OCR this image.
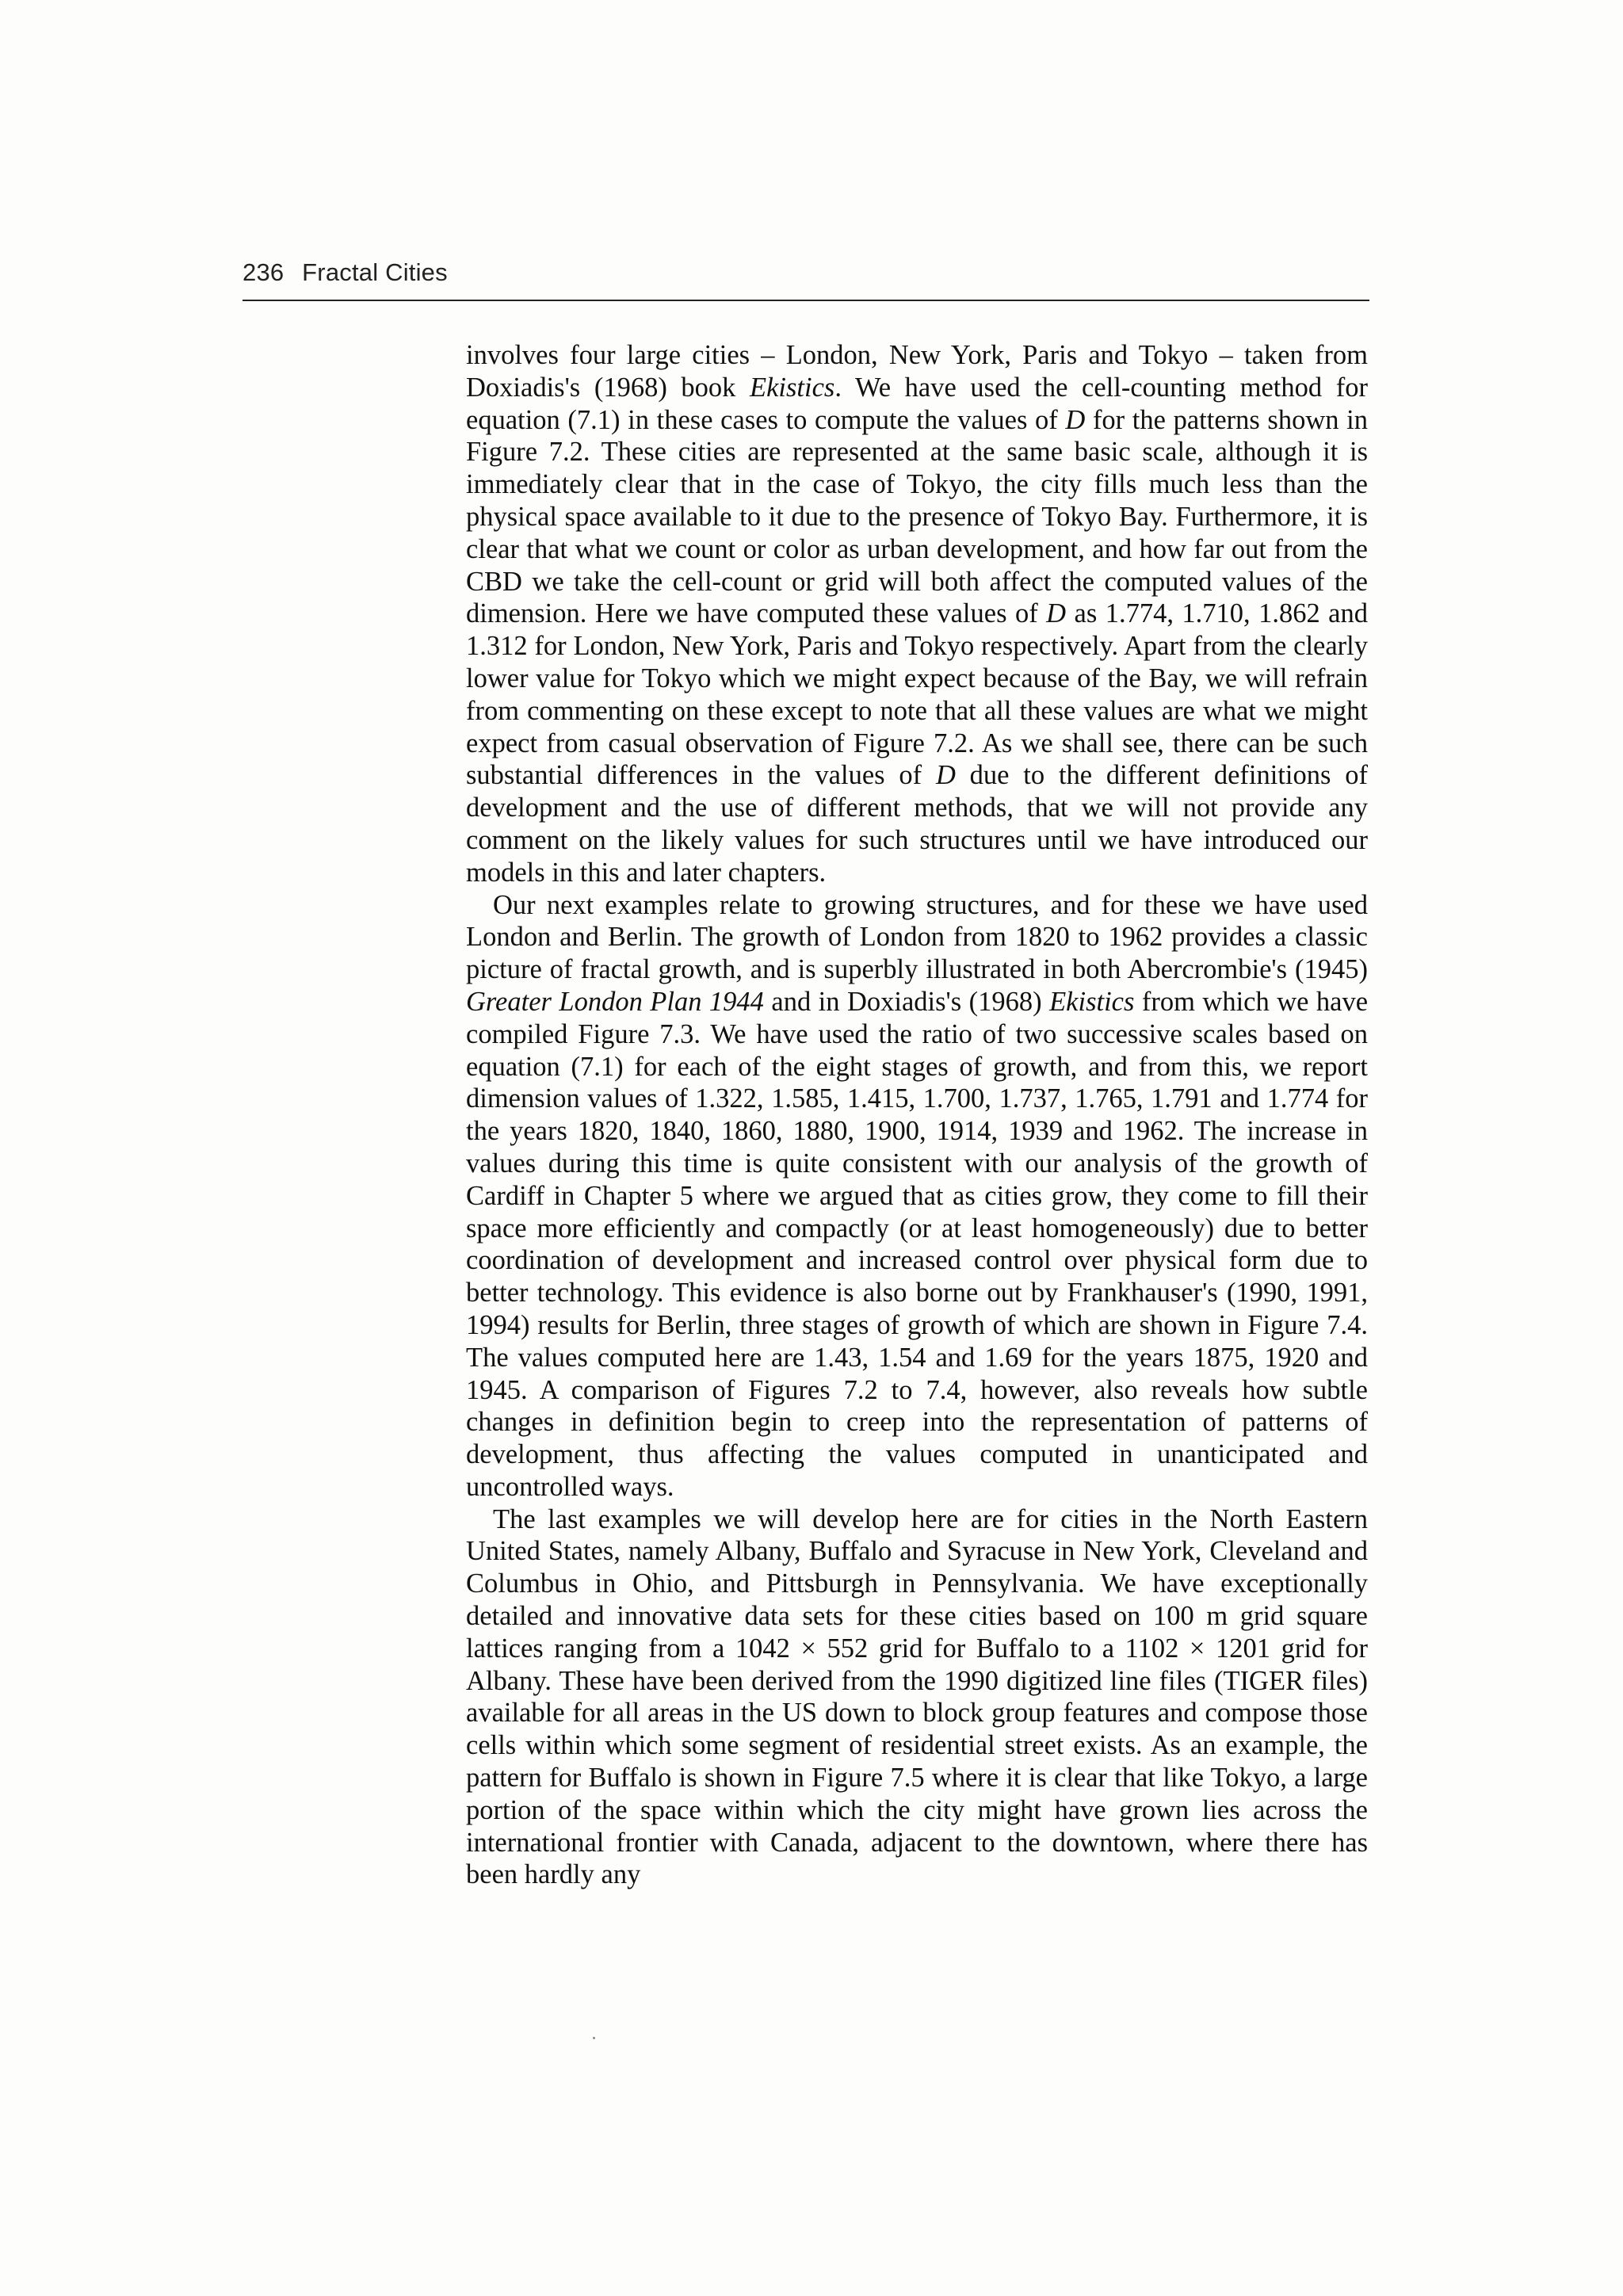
236 Fractal Cities

involves four large cities – London, New York, Paris and Tokyo – taken from Doxiadis's (1968) book Ekistics. We have used the cell-counting method for equation (7.1) in these cases to compute the values of D for the patterns shown in Figure 7.2. These cities are represented at the same basic scale, although it is immediately clear that in the case of Tokyo, the city fills much less than the physical space available to it due to the presence of Tokyo Bay. Furthermore, it is clear that what we count or color as urban development, and how far out from the CBD we take the cell-count or grid will both affect the computed values of the dimension. Here we have computed these values of D as 1.774, 1.710, 1.862 and 1.312 for London, New York, Paris and Tokyo respectively. Apart from the clearly lower value for Tokyo which we might expect because of the Bay, we will refrain from commenting on these except to note that all these values are what we might expect from casual observation of Figure 7.2. As we shall see, there can be such substantial differences in the values of D due to the different definitions of development and the use of different methods, that we will not provide any comment on the likely values for such structures until we have introduced our models in this and later chapters.

Our next examples relate to growing structures, and for these we have used London and Berlin. The growth of London from 1820 to 1962 provides a classic picture of fractal growth, and is superbly illustrated in both Abercrombie's (1945) Greater London Plan 1944 and in Doxiadis's (1968) Ekistics from which we have compiled Figure 7.3. We have used the ratio of two successive scales based on equation (7.1) for each of the eight stages of growth, and from this, we report dimension values of 1.322, 1.585, 1.415, 1.700, 1.737, 1.765, 1.791 and 1.774 for the years 1820, 1840, 1860, 1880, 1900, 1914, 1939 and 1962. The increase in values during this time is quite consistent with our analysis of the growth of Cardiff in Chapter 5 where we argued that as cities grow, they come to fill their space more efficiently and compactly (or at least homogeneously) due to better coordination of development and increased control over physical form due to better technology. This evidence is also borne out by Frankhauser's (1990, 1991, 1994) results for Berlin, three stages of growth of which are shown in Figure 7.4. The values computed here are 1.43, 1.54 and 1.69 for the years 1875, 1920 and 1945. A comparison of Figures 7.2 to 7.4, however, also reveals how subtle changes in definition begin to creep into the representation of patterns of development, thus affecting the values computed in unanticipated and uncontrolled ways.

The last examples we will develop here are for cities in the North Eastern United States, namely Albany, Buffalo and Syracuse in New York, Cleveland and Columbus in Ohio, and Pittsburgh in Pennsylvania. We have exceptionally detailed and innovative data sets for these cities based on 100 m grid square lattices ranging from a 1042 × 552 grid for Buffalo to a 1102 × 1201 grid for Albany. These have been derived from the 1990 digitized line files (TIGER files) available for all areas in the US down to block group features and compose those cells within which some segment of residential street exists. As an example, the pattern for Buffalo is shown in Figure 7.5 where it is clear that like Tokyo, a large portion of the space within which the city might have grown lies across the international frontier with Canada, adjacent to the downtown, where there has been hardly any
